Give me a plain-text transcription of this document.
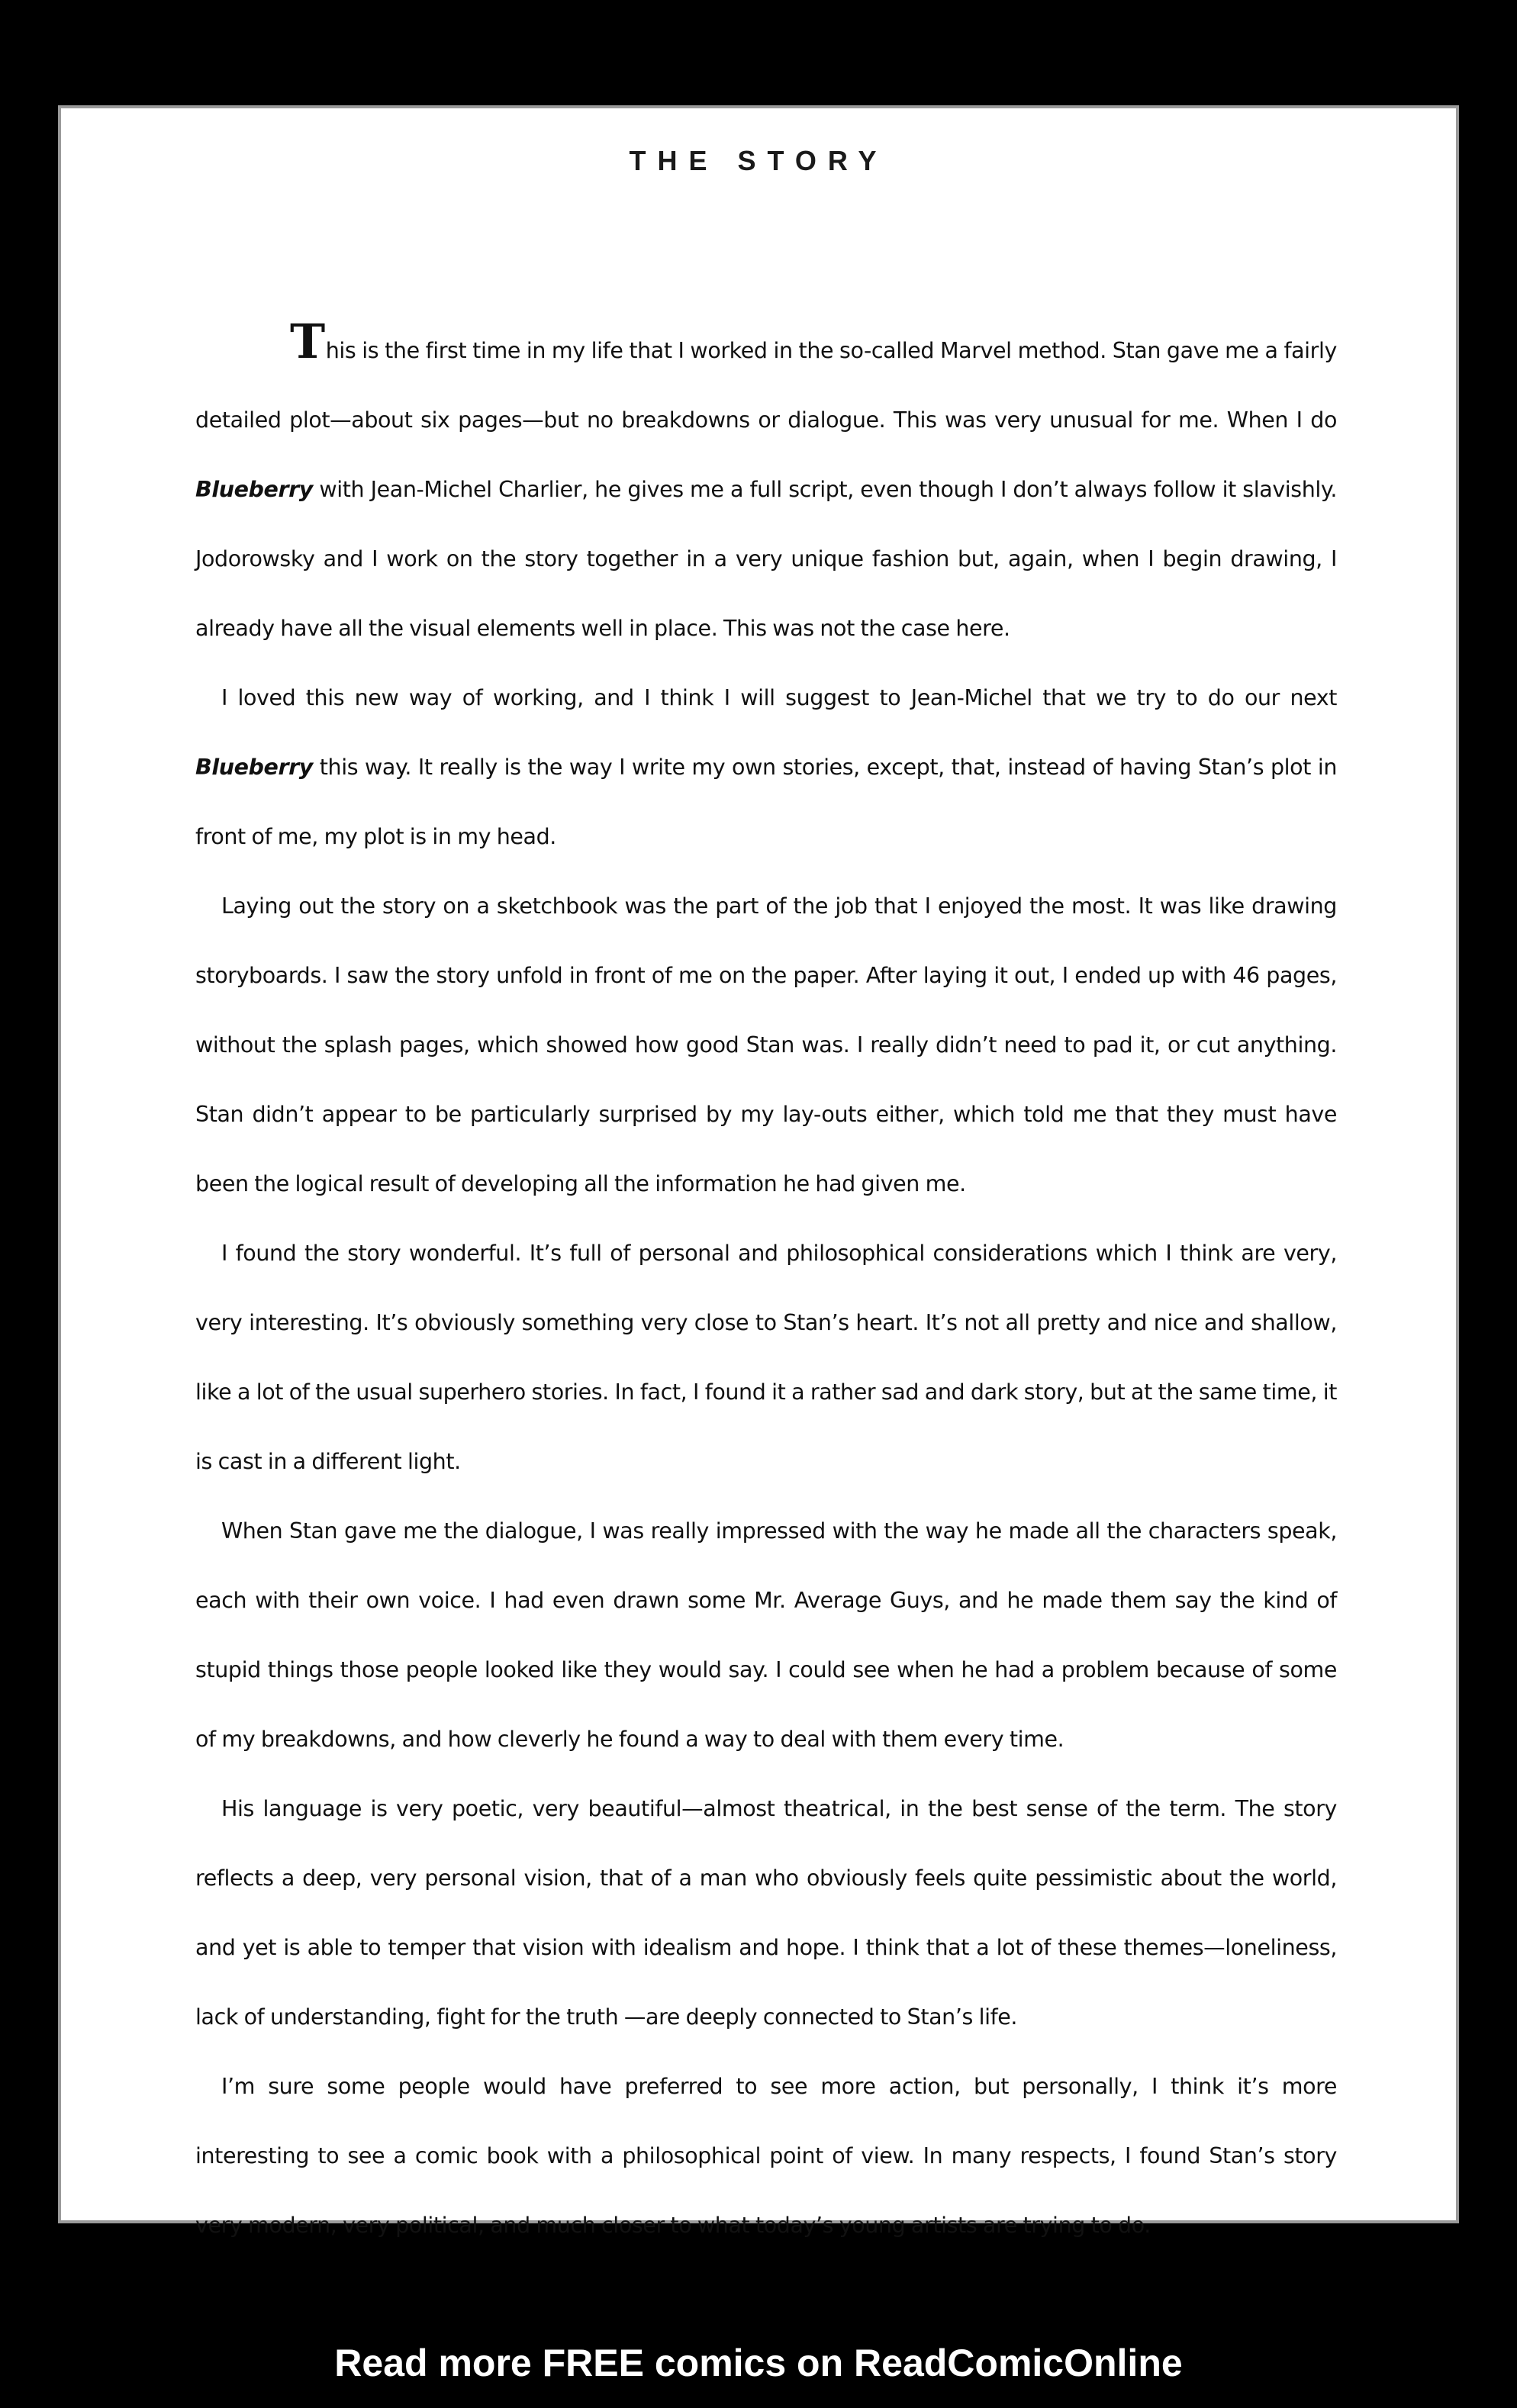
THE STORY

This is the first time in my life that I worked in the so-called Marvel method. Stan gave me a fairly detailed plot—about six pages—but no breakdowns or dialogue. This was very unusual for me. When I do Blueberry with Jean-Michel Charlier, he gives me a full script, even though I don’t always follow it slavishly. Jodorowsky and I work on the story together in a very unique fashion but, again, when I begin drawing, I already have all the visual elements well in place. This was not the case here.

I loved this new way of working, and I think I will suggest to Jean-Michel that we try to do our next Blueberry this way. It really is the way I write my own stories, except, that, instead of having Stan’s plot in front of me, my plot is in my head.

Laying out the story on a sketchbook was the part of the job that I enjoyed the most. It was like drawing storyboards. I saw the story unfold in front of me on the paper. After laying it out, I ended up with 46 pages, without the splash pages, which showed how good Stan was. I really didn’t need to pad it, or cut anything. Stan didn’t appear to be particularly surprised by my lay-outs either, which told me that they must have been the logical result of developing all the information he had given me.

I found the story wonderful. It’s full of personal and philosophical considerations which I think are very, very interesting. It’s obviously something very close to Stan’s heart. It’s not all pretty and nice and shallow, like a lot of the usual superhero stories. In fact, I found it a rather sad and dark story, but at the same time, it is cast in a different light.

When Stan gave me the dialogue, I was really impressed with the way he made all the characters speak, each with their own voice. I had even drawn some Mr. Average Guys, and he made them say the kind of stupid things those people looked like they would say. I could see when he had a problem because of some of my breakdowns, and how cleverly he found a way to deal with them every time.

His language is very poetic, very beautiful—almost theatrical, in the best sense of the term. The story reflects a deep, very personal vision, that of a man who obviously feels quite pessimistic about the world, and yet is able to temper that vision with idealism and hope. I think that a lot of these themes—loneliness, lack of understanding, fight for the truth —are deeply connected to Stan’s life.

I’m sure some people would have preferred to see more action, but personally, I think it’s more interesting to see a comic book with a philosophical point of view. In many respects, I found Stan’s story very modern, very political, and much closer to what today’s young artists are trying to do.

Read more FREE comics on ReadComicOnline
